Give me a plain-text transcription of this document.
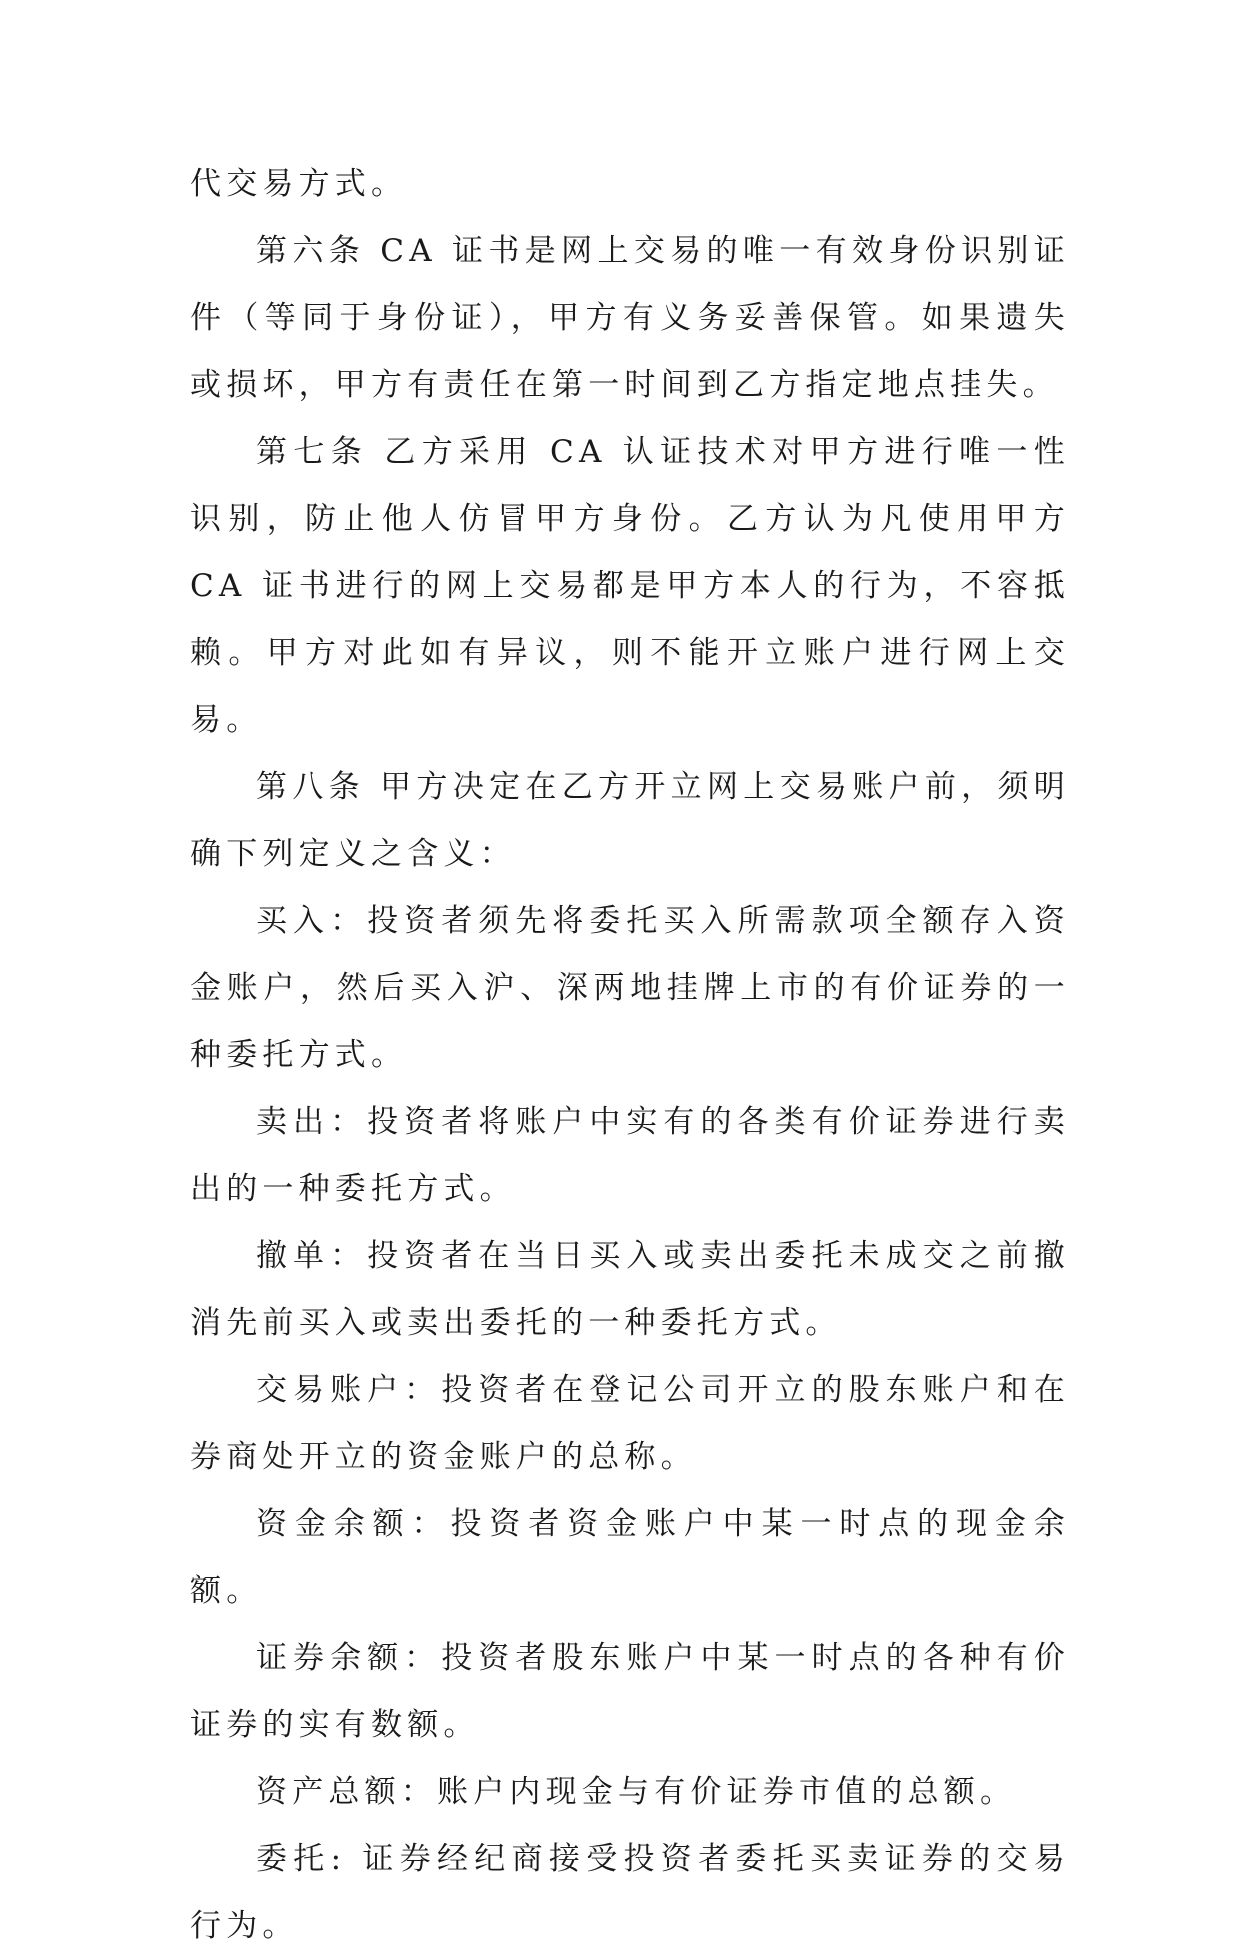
代交易方式。

第六条 CA 证书是网上交易的唯一有效身份识别证件（等同于身份证），甲方有义务妥善保管。如果遗失或损坏，甲方有责任在第一时间到乙方指定地点挂失。

第七条 乙方采用 CA 认证技术对甲方进行唯一性识别，防止他人仿冒甲方身份。乙方认为凡使用甲方 CA 证书进行的网上交易都是甲方本人的行为，不容抵赖。甲方对此如有异议，则不能开立账户进行网上交易。

第八条 甲方决定在乙方开立网上交易账户前，须明确下列定义之含义：

买入：投资者须先将委托买入所需款项全额存入资金账户，然后买入沪、深两地挂牌上市的有价证券的一种委托方式。

卖出：投资者将账户中实有的各类有价证券进行卖出的一种委托方式。

撤单：投资者在当日买入或卖出委托未成交之前撤消先前买入或卖出委托的一种委托方式。

交易账户：投资者在登记公司开立的股东账户和在券商处开立的资金账户的总称。

资金余额：投资者资金账户中某一时点的现金余额。

证券余额：投资者股东账户中某一时点的各种有价证券的实有数额。

资产总额：账户内现金与有价证券市值的总额。

委托: 证券经纪商接受投资者委托买卖证券的交易行为。
